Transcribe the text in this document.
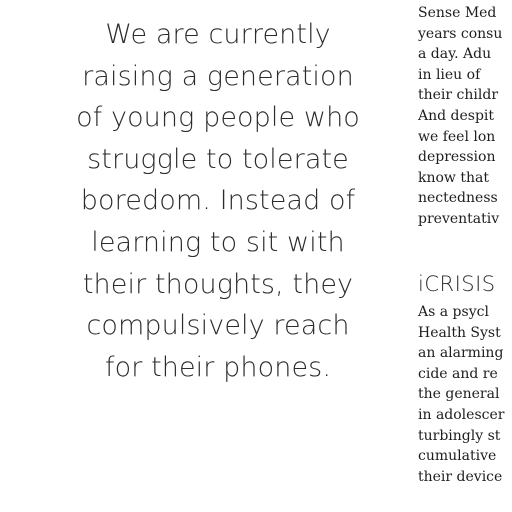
We are currently
raising a generation
of young people who
struggle to tolerate
boredom. Instead of
learning to sit with
their thoughts, they
compulsively reach
for their phones.
Sense Med
years consu
a day. Adu
in lieu of
their childr
And despit
we feel lon
depression
know that
nectedness
preventativ
iCRISIS
As a psycl
Health Syst
an alarming
cide and re
the general
in adolescer
turbingly st
cumulative
their device
